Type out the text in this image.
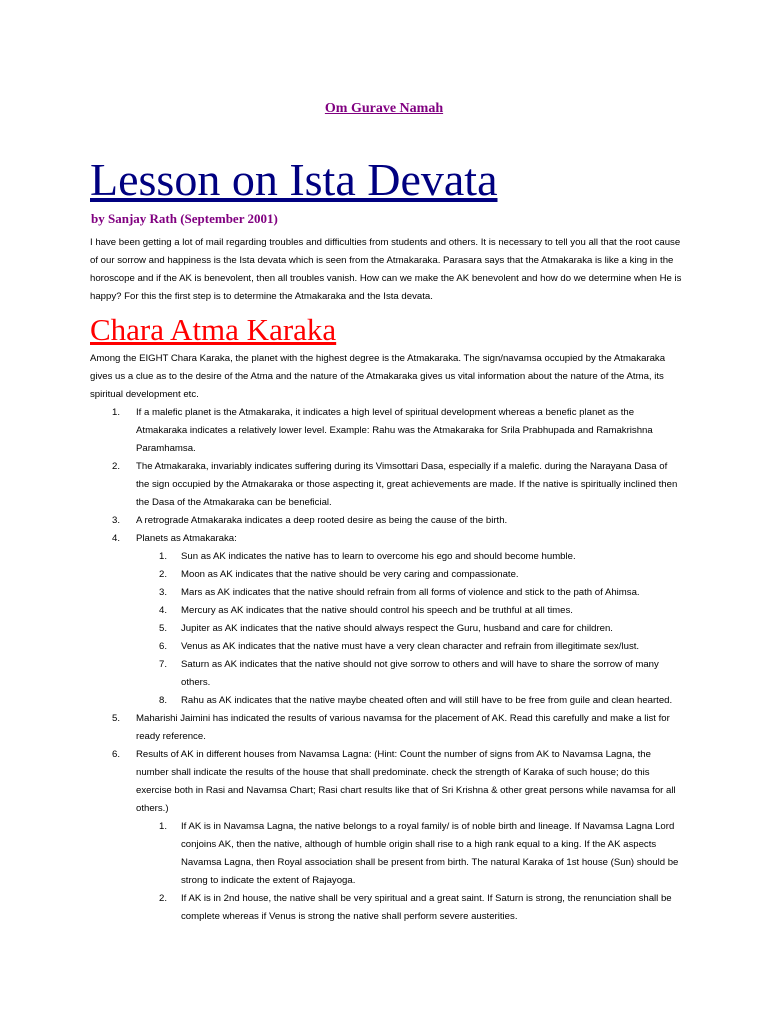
Om Gurave Namah
Lesson on Ista Devata
by Sanjay Rath (September 2001)

I have been getting a lot of mail regarding troubles and difficulties from students and others. It is necessary to tell you all that the root cause of our sorrow and happiness is the Ista devata which is seen from the Atmakaraka. Parasara says that the Atmakaraka is like a king in the horoscope and if the AK is benevolent, then all troubles vanish. How can we make the AK benevolent and how do we determine when He is happy? For this the first step is to determine the Atmakaraka and the Ista devata.

Chara Atma Karaka

Among the EIGHT Chara Karaka, the planet with the highest degree is the Atmakaraka. The sign/navamsa occupied by the Atmakaraka gives us a clue as to the desire of the Atma and the nature of the Atmakaraka gives us vital information about the nature of the Atma, its spiritual development etc.

1. If a malefic planet is the Atmakaraka, it indicates a high level of spiritual development whereas a benefic planet as the Atmakaraka indicates a relatively lower level. Example: Rahu was the Atmakaraka for Srila Prabhupada and Ramakrishna Paramhamsa.
2. The Atmakaraka, invariably indicates suffering during its Vimsottari Dasa, especially if a malefic. during the Narayana Dasa of the sign occupied by the Atmakaraka or those aspecting it, great achievements are made. If the native is spiritually inclined then the Dasa of the Atmakaraka can be beneficial.
3. A retrograde Atmakaraka indicates a deep rooted desire as being the cause of the birth.
4. Planets as Atmakaraka:
1. Sun as AK indicates the native has to learn to overcome his ego and should become humble.
2. Moon as AK indicates that the native should be very caring and compassionate.
3. Mars as AK indicates that the native should refrain from all forms of violence and stick to the path of Ahimsa.
4. Mercury as AK indicates that the native should control his speech and be truthful at all times.
5. Jupiter as AK indicates that the native should always respect the Guru, husband and care for children.
6. Venus as AK indicates that the native must have a very clean character and refrain from illegitimate sex/lust.
7. Saturn as AK indicates that the native should not give sorrow to others and will have to share the sorrow of many others.
8. Rahu as AK indicates that the native maybe cheated often and will still have to be free from guile and clean hearted.
5. Maharishi Jaimini has indicated the results of various navamsa for the placement of AK. Read this carefully and make a list for ready reference.
6. Results of AK in different houses from Navamsa Lagna: (Hint: Count the number of signs from AK to Navamsa Lagna, the number shall indicate the results of the house that shall predominate. check the strength of Karaka of such house; do this exercise both in Rasi and Navamsa Chart; Rasi chart results like that of Sri Krishna & other great persons while navamsa for all others.)
1. If AK is in Navamsa Lagna, the native belongs to a royal family/ is of noble birth and lineage. If Navamsa Lagna Lord conjoins AK, then the native, although of humble origin shall rise to a high rank equal to a king. If the AK aspects Navamsa Lagna, then Royal association shall be present from birth. The natural Karaka of 1st house (Sun) should be strong to indicate the extent of Rajayoga.
2. If AK is in 2nd house, the native shall be very spiritual and a great saint. If Saturn is strong, the renunciation shall be complete whereas if Venus is strong the native shall perform severe austerities.
